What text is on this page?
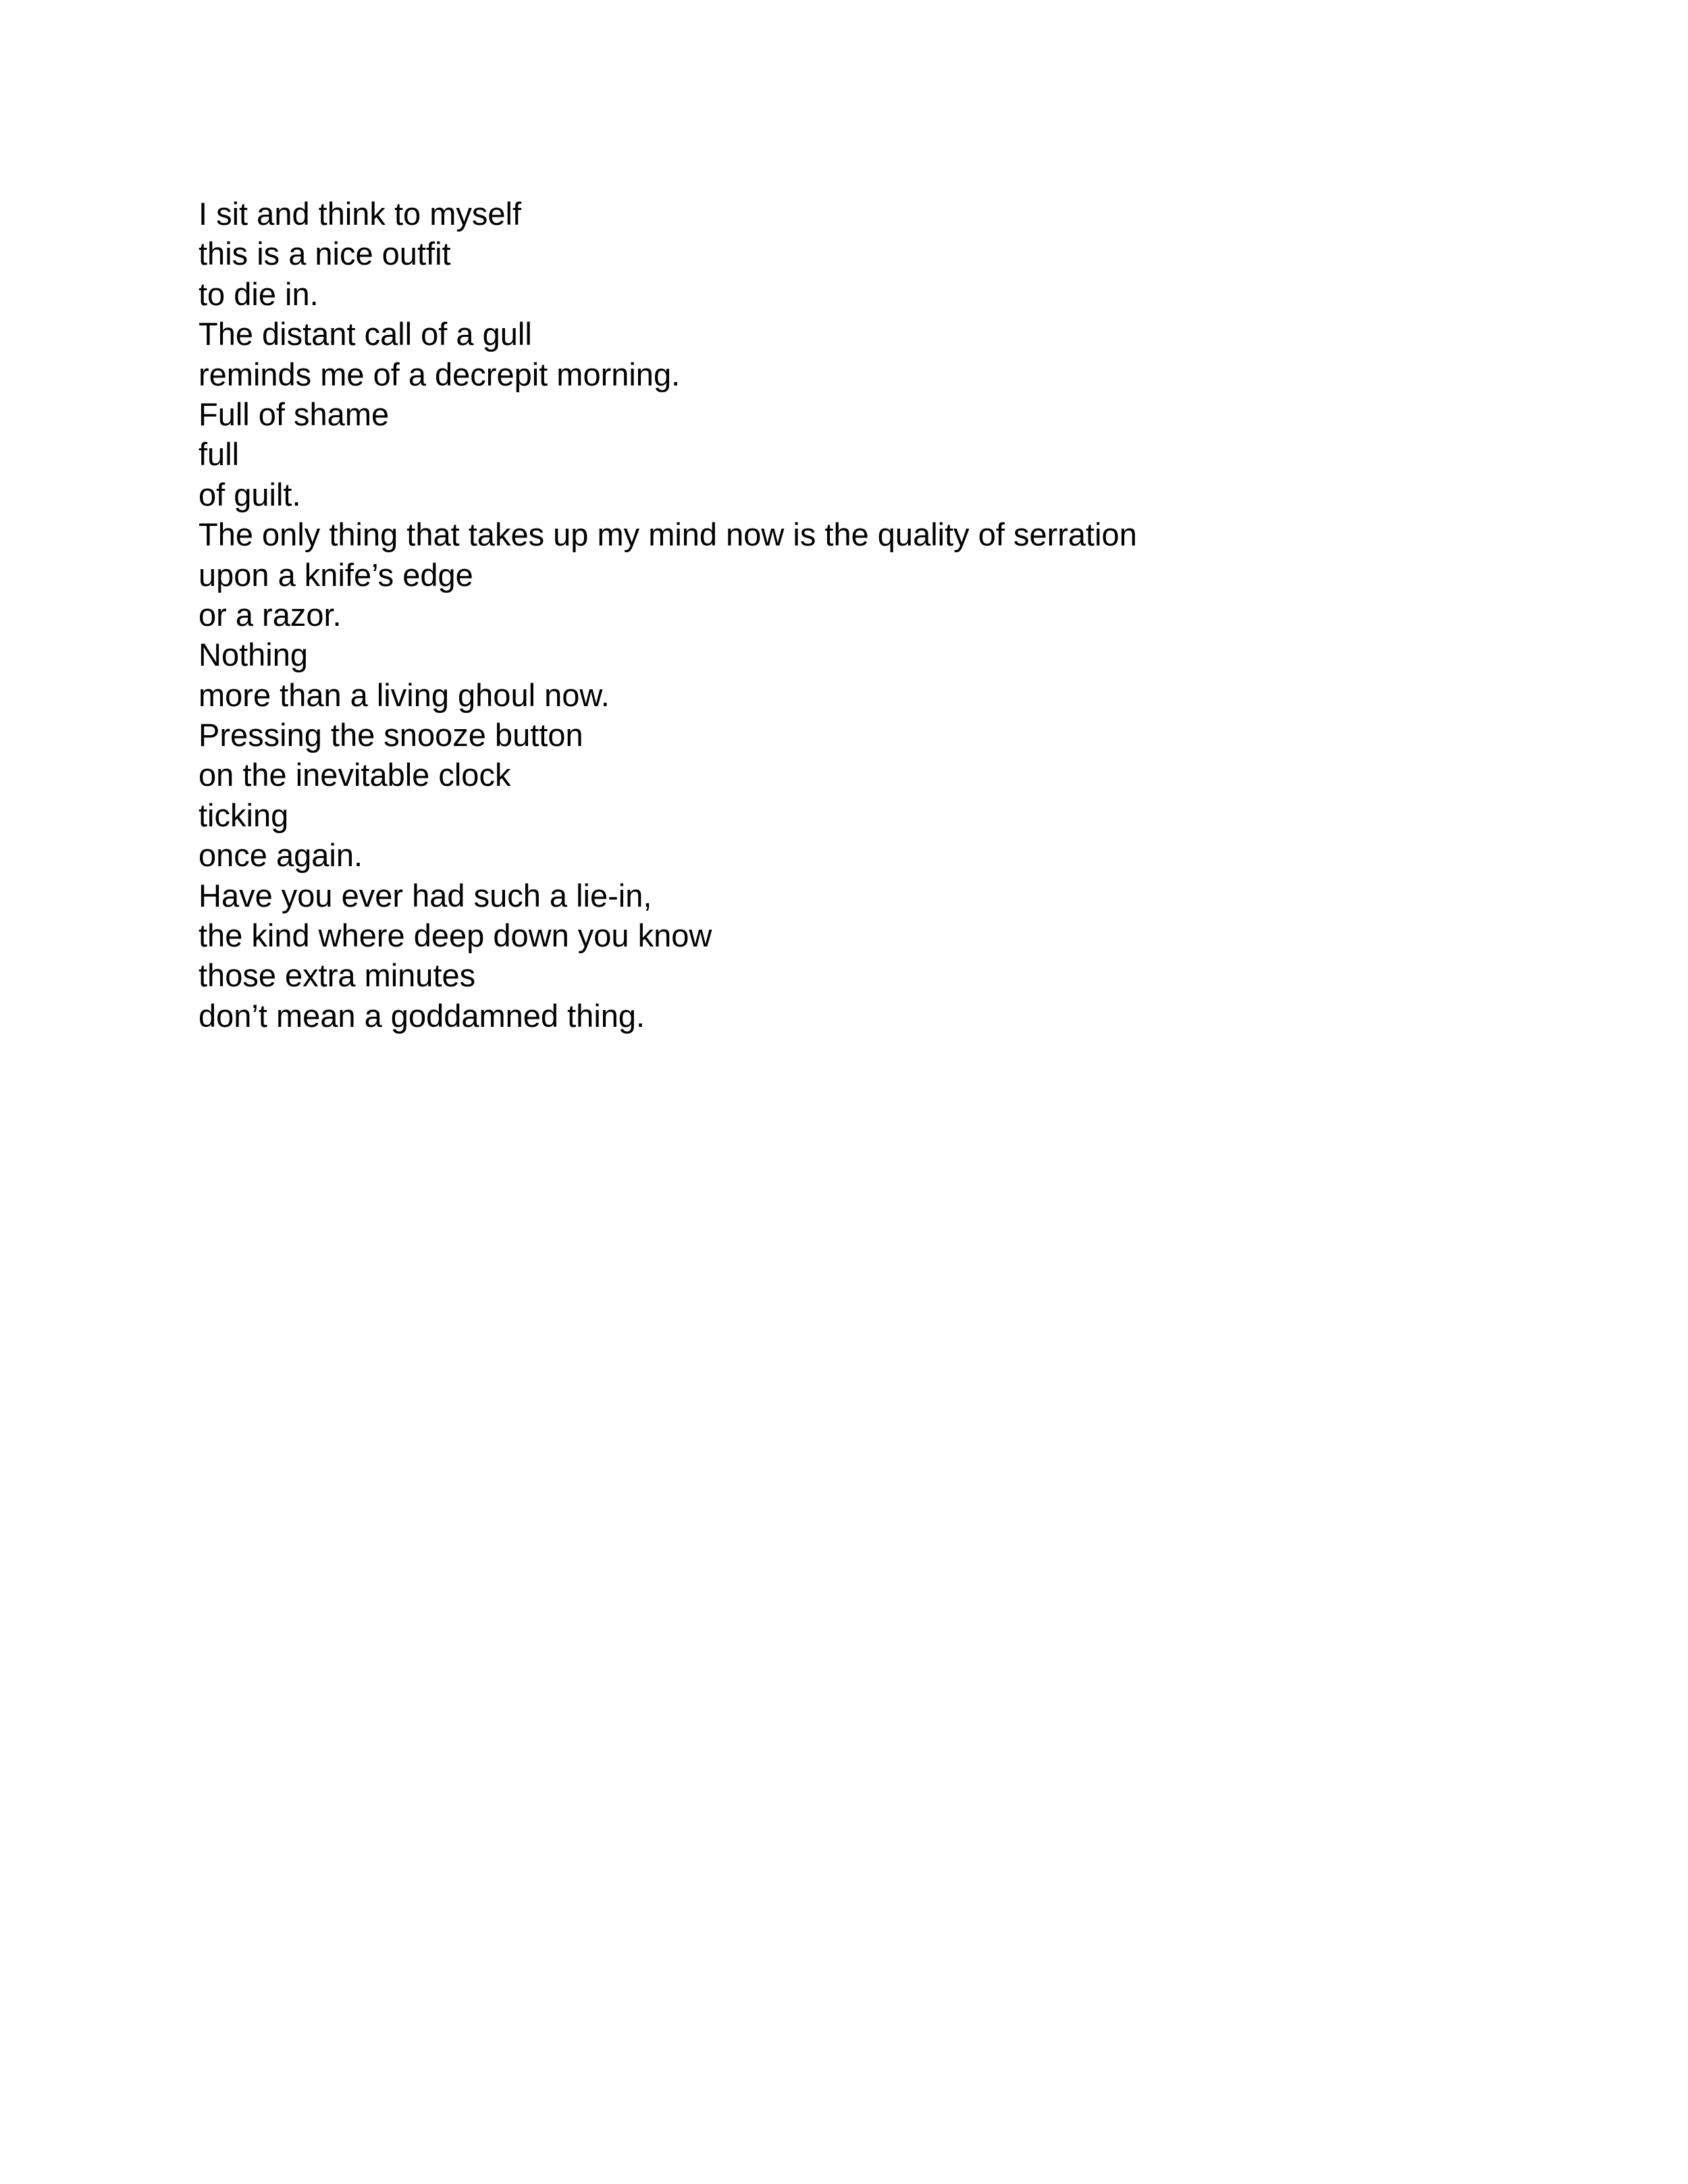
I sit and think to myself
this is a nice outfit
to die in.
The distant call of a gull
reminds me of a decrepit morning.
Full of shame
full
of guilt.
The only thing that takes up my mind now is the quality of serration
upon a knife’s edge
or a razor.
Nothing
more than a living ghoul now.
Pressing the snooze button
on the inevitable clock
ticking
once again.
Have you ever had such a lie-in,
the kind where deep down you know
those extra minutes
don’t mean a goddamned thing.
